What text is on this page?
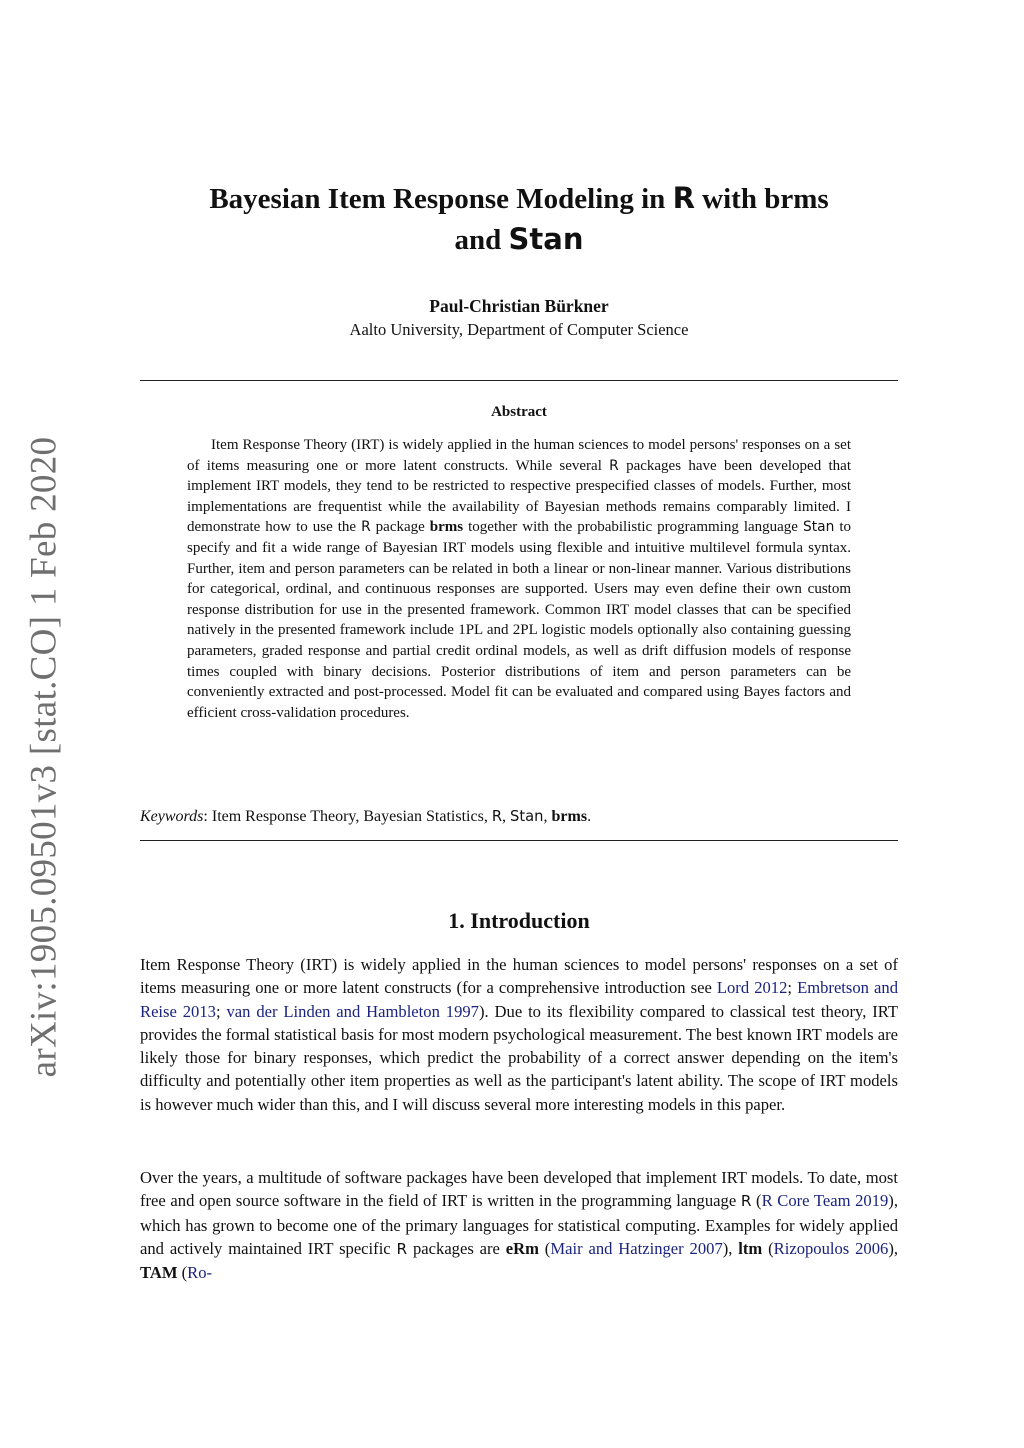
arXiv:1905.09501v3 [stat.CO] 1 Feb 2020
Bayesian Item Response Modeling in R with brms
and Stan
Paul-Christian Bürkner
Aalto University, Department of Computer Science
Abstract

Item Response Theory (IRT) is widely applied in the human sciences to model persons' responses on a set of items measuring one or more latent constructs. While several R packages have been developed that implement IRT models, they tend to be restricted to respective prespecified classes of models. Further, most implementations are frequentist while the availability of Bayesian methods remains comparably limited. I demonstrate how to use the R package brms together with the probabilistic programming language Stan to specify and fit a wide range of Bayesian IRT models using flexible and intuitive multilevel formula syntax. Further, item and person parameters can be related in both a linear or non-linear manner. Various distributions for categorical, ordinal, and continuous responses are supported. Users may even define their own custom response distribution for use in the presented framework. Common IRT model classes that can be specified natively in the presented framework include 1PL and 2PL logistic models optionally also containing guessing parameters, graded response and partial credit ordinal models, as well as drift diffusion models of response times coupled with binary decisions. Posterior distributions of item and person parameters can be conveniently extracted and post-processed. Model fit can be evaluated and compared using Bayes factors and efficient cross-validation procedures.

Keywords: Item Response Theory, Bayesian Statistics, R, Stan, brms.
1. Introduction

Item Response Theory (IRT) is widely applied in the human sciences to model persons' responses on a set of items measuring one or more latent constructs (for a comprehensive introduction see Lord 2012; Embretson and Reise 2013; van der Linden and Hambleton 1997). Due to its flexibility compared to classical test theory, IRT provides the formal statistical basis for most modern psychological measurement. The best known IRT models are likely those for binary responses, which predict the probability of a correct answer depending on the item's difficulty and potentially other item properties as well as the participant's latent ability. The scope of IRT models is however much wider than this, and I will discuss several more interesting models in this paper.

Over the years, a multitude of software packages have been developed that implement IRT models. To date, most free and open source software in the field of IRT is written in the programming language R (R Core Team 2019), which has grown to become one of the primary languages for statistical computing. Examples for widely applied and actively maintained IRT specific R packages are eRm (Mair and Hatzinger 2007), ltm (Rizopoulos 2006), TAM (Ro-
